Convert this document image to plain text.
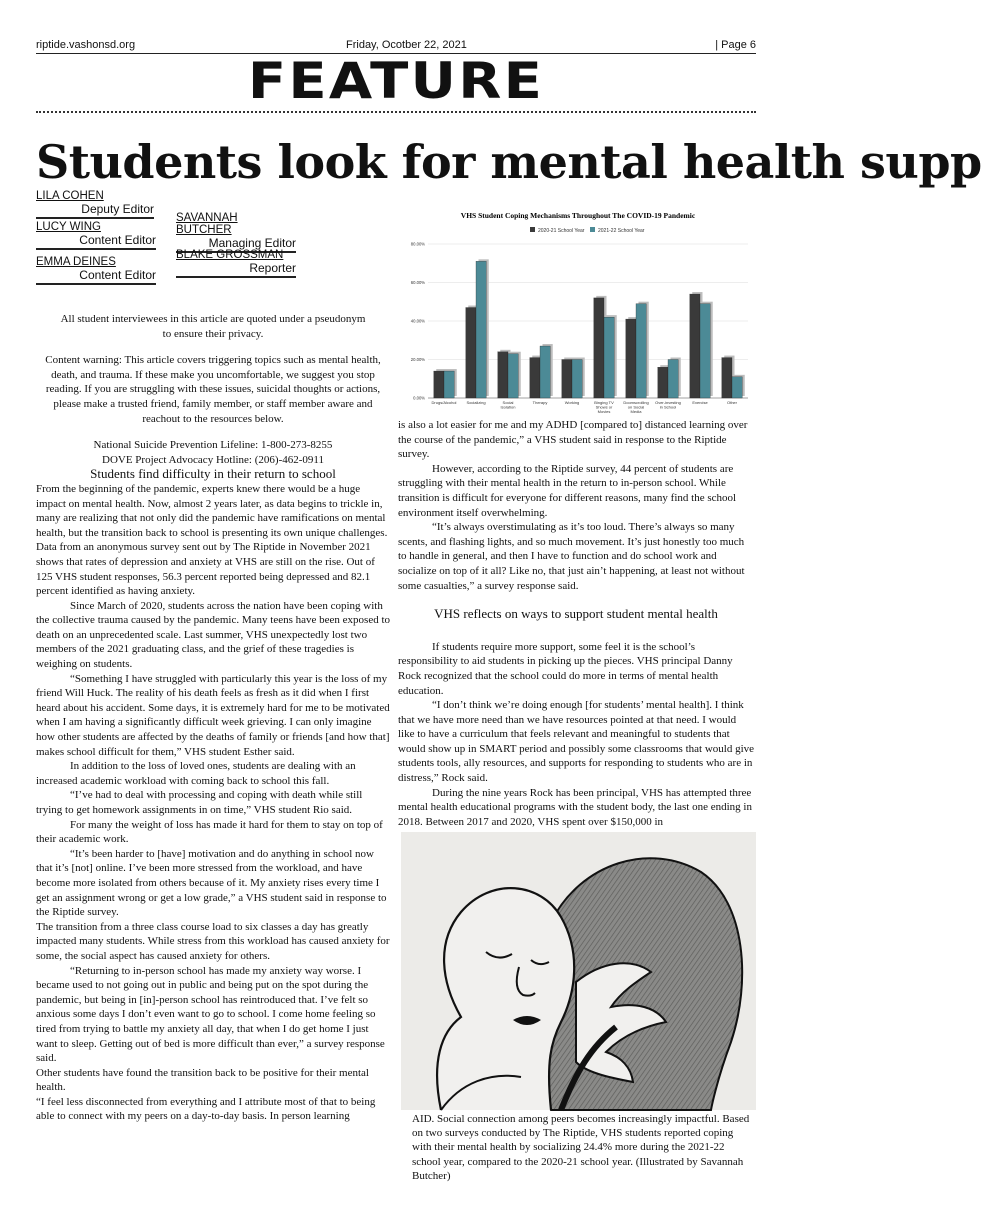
riptide.vashonsd.org	Friday, Ocotber 22, 2021	| Page 6
FEATURE
Students look for mental health supp
LILA COHEN
Deputy Editor
LUCY WING
Content Editor
EMMA DEINES
Content Editor
SAVANNAH BUTCHER
Managing Editor
BLAKE GROSSMAN
Reporter

All student interviewees in this article are quoted under a pseudonym to ensure their privacy.

Content warning: This article covers triggering topics such as mental health, death, and trauma. If these make you uncomfortable, we suggest you stop reading. If you are struggling with these issues, suicidal thoughts or actions, please make a trusted friend, family member, or staff member aware and reachout to the resources below.

National Suicide Prevention Lifeline: 1-800-273-8255

DOVE Project Advocacy Hotline: (206)-462-0911

Students find difficulty in their return to school

From the beginning of the pandemic, experts knew there would be a huge impact on mental health. Now, almost 2 years later, as data begins to trickle in, many are realizing that not only did the pandemic have ramifications on mental health, but the transition back to school is presenting its own unique challenges.

Data from an anonymous survey sent out by The Riptide in November 2021 shows that rates of depression and anxiety at VHS are still on the rise. Out of 125 VHS student responses, 56.3 percent reported being depressed and 82.1 percent identified as having anxiety.

Since March of 2020, students across the nation have been coping with the collective trauma caused by the pandemic. Many teens have been exposed to death on an unprecedented scale. Last summer, VHS unexpectedly lost two members of the 2021 graduating class, and the grief of these tragedies is weighing on students.

“Something I have struggled with particularly this year is the loss of my friend Will Huck. The reality of his death feels as fresh as it did when I first heard about his accident. Some days, it is extremely hard for me to be motivated when I am having a significantly difficult week grieving. I can only imagine how other students are affected by the deaths of family or friends [and how that] makes school difficult for them,” VHS student Esther said.

In addition to the loss of loved ones, students are dealing with an increased academic workload with coming back to school this fall.

“I’ve had to deal with processing and coping with death while still trying to get homework assignments in on time,” VHS student Rio said.

For many the weight of loss has made it hard for them to stay on top of their academic work.

“It’s been harder to [have] motivation and do anything in school now that it’s [not] online. I’ve been more stressed from the workload, and have become more isolated from others because of it. My anxiety rises every time I get an assignment wrong or get a low grade,” a VHS student said in response to the Riptide survey.

The transition from a three class course load to six classes a day has greatly impacted many students. While stress from this workload has caused anxiety for some, the social aspect has caused anxiety for others.

“Returning to in-person school has made my anxiety way worse. I became used to not going out in public and being put on the spot during the pandemic, but being in [in]-person school has reintroduced that. I’ve felt so anxious some days I don’t even want to go to school. I come home feeling so tired from trying to battle my anxiety all day, that when I do get home I just want to sleep. Getting out of bed is more difficult than ever,” a survey response said.

Other students have found the transition back to be positive for their mental health.

“I feel less disconnected from everything and I attribute most of that to being able to connect with my peers on a day-to-day basis. In person learning

VHS Student Coping Mechanisms Throughout The COVID-19 Pandemic
2020-21 School Year	2021-22 School Year
0.00%
20.00%
40.00%
60.00%
80.00%
Drugs/Alcohol Socializing	Social Isolation
Therapy	Working	Binging TV Shows or Movies
Doomscrolling on Social Media
Over-investing in School
Exercise	Other

is also a lot easier for me and my ADHD [compared to] distanced learning over the course of the pandemic,” a VHS student said in response to the Riptide survey.

However, according to the Riptide survey, 44 percent of students are struggling with their mental health in the return to in-person school. While transition is difficult for everyone for different reasons, many find the school environment itself overwhelming.

“It’s always overstimulating as it’s too loud. There’s always so many scents, and flashing lights, and so much movement. It’s just honestly too much to handle in general, and then I have to function and do school work and socialize on top of it all? Like no, that just ain’t happening, at least not without some casualties,” a survey response said.

VHS reflects on ways to support student mental health

If students require more support, some feel it is the school’s responsibility to aid students in picking up the pieces. VHS principal Danny Rock recognized that the school could do more in terms of mental health education.

“I don’t think we’re doing enough [for students’ mental health]. I think that we have more need than we have resources pointed at that need. I would like to have a curriculum that feels relevant and meaningful to students that would show up in SMART period and possibly some classrooms that would give students tools, ally resources, and supports for responding to students who are in distress,” Rock said.

During the nine years Rock has been principal, VHS has attempted three mental health educational programs with the student body, the last one ending in 2018. Between 2017 and 2020, VHS spent over $150,000 in

AID. Social connection among peers becomes increasingly impactful. Based on two surveys conducted by The Riptide, VHS students reported coping with their mental health by socializing 24.4% more during the 2021-22 school year, compared to the 2020-21 school year. (Illustrated by Savannah Butcher)
